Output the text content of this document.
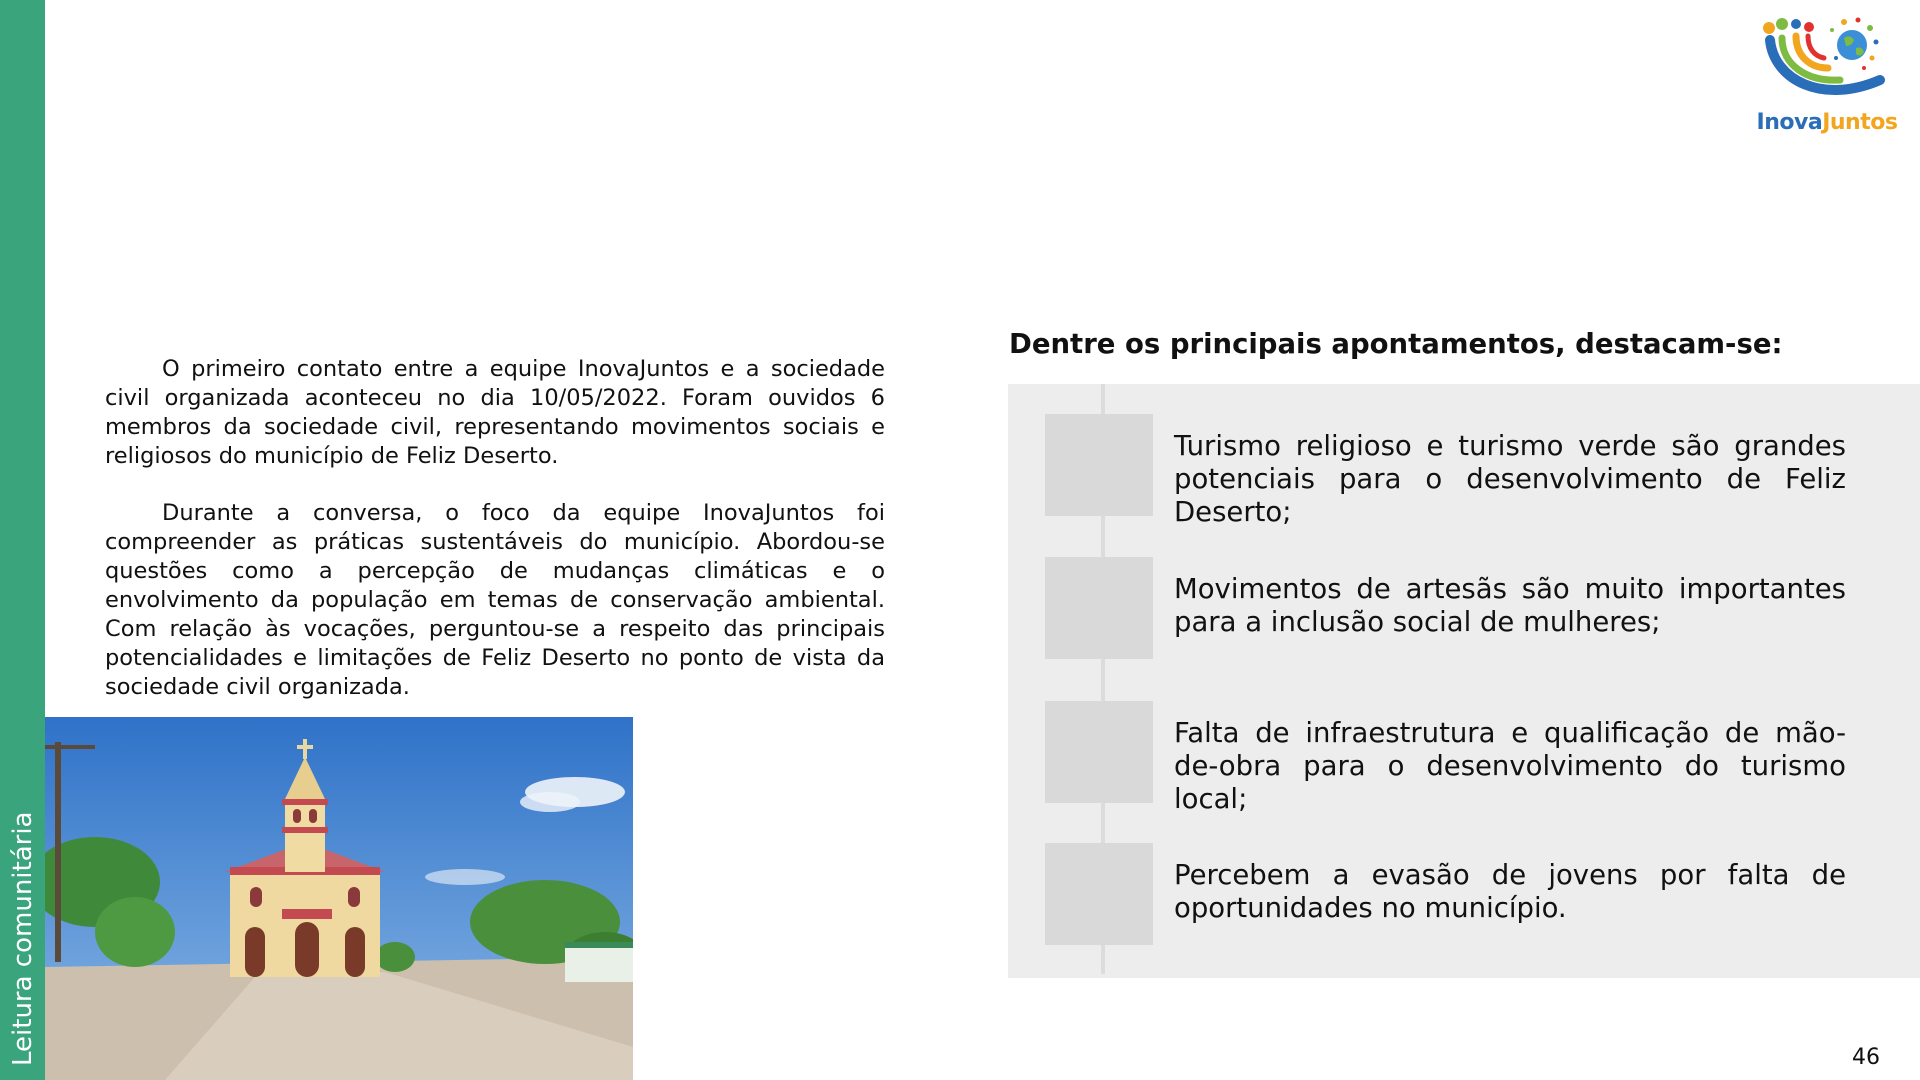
Leitura comunitária
InovaJuntos

O primeiro contato entre a equipe InovaJuntos e a sociedade civil organizada aconteceu no dia 10/05/2022. Foram ouvidos 6 membros da sociedade civil, representando movimentos sociais e religiosos do município de Feliz Deserto.

Durante a conversa, o foco da equipe InovaJuntos foi compreender as práticas sustentáveis do município. Abordou-se questões como a percepção de mudanças climáticas e o envolvimento da população em temas de conservação ambiental. Com relação às vocações, perguntou-se a respeito das principais potencialidades e limitações de Feliz Deserto no ponto de vista da sociedade civil organizada.

Dentre os principais apontamentos, destacam-se:
Turismo religioso e turismo verde são grandes potenciais para o desenvolvimento de Feliz Deserto;
Movimentos de artesãs são muito importantes para a inclusão social de mulheres;
Falta de infraestrutura e qualificação de mão-de-obra para o desenvolvimento do turismo local;
Percebem a evasão de jovens por falta de oportunidades no município.
46
